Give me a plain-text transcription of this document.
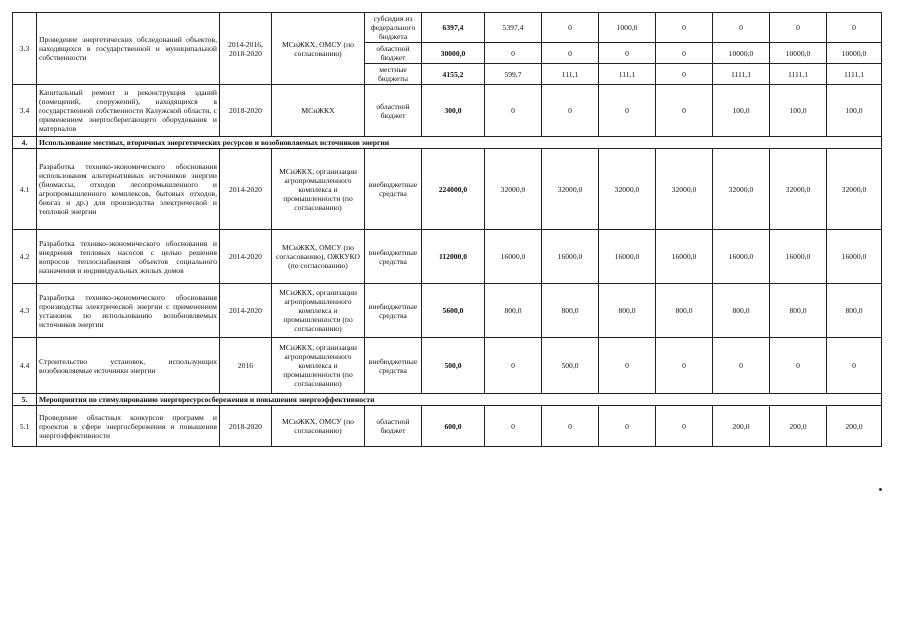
3.3	Проведение энергетических обследований объектов, находящихся в государственной и муниципальной собственности	2014-2016, 2018-2020	МСиЖКХ, ОМСУ (по согласованию)	субсидия из федерального бюджета	6397,4	5397,4	0	1000,0	0	0	0	0
				областной бюджет	30000,0	0	0	0	0	10000,0	10000,0	10000,0
				местные бюджеты	4155,2	599,7	111,1	111,1	0	1111,1	1111,1	1111,1
3.4	Капитальный ремонт и реконструкция зданий (помещений, сооружений), находящихся в государственной собственности Калужской области, с применением энергосберегающего оборудования и материалов	2018-2020	МСиЖКХ	областной бюджет	300,0	0	0	0	0	100,0	100,0	100,0
4.	Использование местных, вторичных энергетических ресурсов и возобновляемых источников энергии											
4.1	Разработка технико-экономического обоснования использования альтернативных источников энергии (биомассы, отходов лесопромышленного и агропромышленного комплексов, бытовых отходов, биогаз и др.) для производства электрической и тепловой энергии	2014-2020	МСиЖКХ, организации агропромышленного комплекса и промышленности (по согласованию)	внебюджетные средства	224000,0	32000,0	32000,0	32000,0	32000,0	32000,0	32000,0	32000,0
4.2	Разработка технико-экономического обоснования и внедрения тепловых насосов с целью решения вопросов теплоснабжения объектов социального назначения и индивидуальных жилых домов	2014-2020	МСиЖКХ, ОМСУ (по согласованию), ОЖКУКО (по согласованию)	внебюджетные средства	112000,0	16000,0	16000,0	16000,0	16000,0	16000,0	16000,0	16000,0
4.3	Разработка технико-экономического обоснования производства электрической энергии с применением установок по использованию возобновляемых источников энергии	2014-2020	МСиЖКХ, организации агропромышленного комплекса и промышленности (по согласованию)	внебюджетные средства	5600,0	800,0	800,0	800,0	800,0	800,0	800,0	800,0
4.4	Строительство установок, использующих возобновляемые источники энергии	2016	МСиЖКХ, организации агропромышленного комплекса и промышленности (по согласованию)	внебюджетные средства	500,0	0	500,0	0	0	0	0	0
5.	Мероприятия по стимулированию энергоресурсосбережения и повышения энергоэффективности											
5.1	Проведение областных конкурсов программ и проектов в сфере энергосбережения и повышения энергоэффективности	2018-2020	МСиЖКХ, ОМСУ (по согласованию)	областной бюджет	600,0	0	0	0	0	200,0	200,0	200,0
